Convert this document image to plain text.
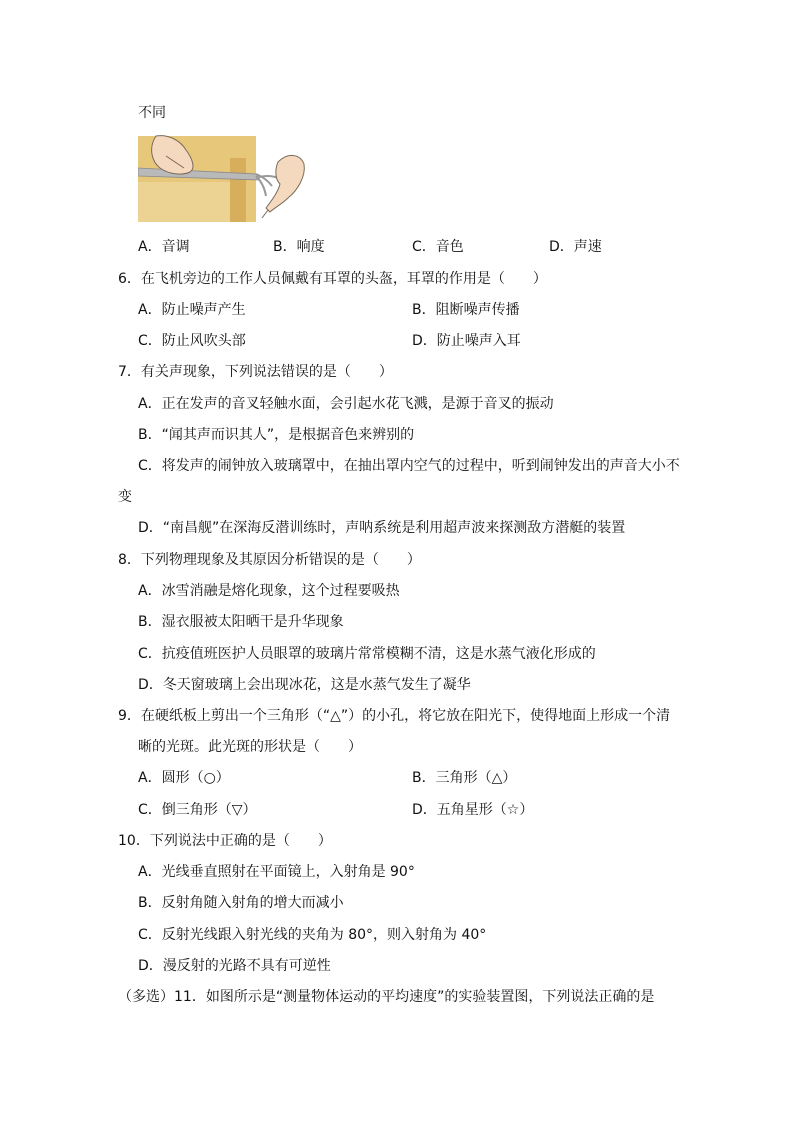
不同
A．音调	B．响度	C．音色	D．声速
6．在飞机旁边的工作人员佩戴有耳罩的头盔，耳罩的作用是（　　）
A．防止噪声产生	B．阻断噪声传播
C．防止风吹头部	D．防止噪声入耳
7．有关声现象，下列说法错误的是（　　）
A．正在发声的音叉轻触水面，会引起水花飞溅，是源于音叉的振动
B．“闻其声而识其人”，是根据音色来辨别的
C．将发声的闹钟放入玻璃罩中，在抽出罩内空气的过程中，听到闹钟发出的声音大小不
变
D．“南昌舰”在深海反潜训练时，声呐系统是利用超声波来探测敌方潜艇的装置
8．下列物理现象及其原因分析错误的是（　　）
A．冰雪消融是熔化现象，这个过程要吸热
B．湿衣服被太阳晒干是升华现象
C．抗疫值班医护人员眼罩的玻璃片常常模糊不清，这是水蒸气液化形成的
D．冬天窗玻璃上会出现冰花，这是水蒸气发生了凝华
9．在硬纸板上剪出一个三角形（“△”）的小孔，将它放在阳光下，使得地面上形成一个清
晰的光斑。此光斑的形状是（　　）
A．圆形（○）	B．三角形（△）
C．倒三角形（▽）	D．五角星形（☆）
10．下列说法中正确的是（　　）
A．光线垂直照射在平面镜上，入射角是 90°
B．反射角随入射角的增大而减小
C．反射光线跟入射光线的夹角为 80°，则入射角为 40°
D．漫反射的光路不具有可逆性
（多选）11．如图所示是“测量物体运动的平均速度”的实验装置图，下列说法正确的是
